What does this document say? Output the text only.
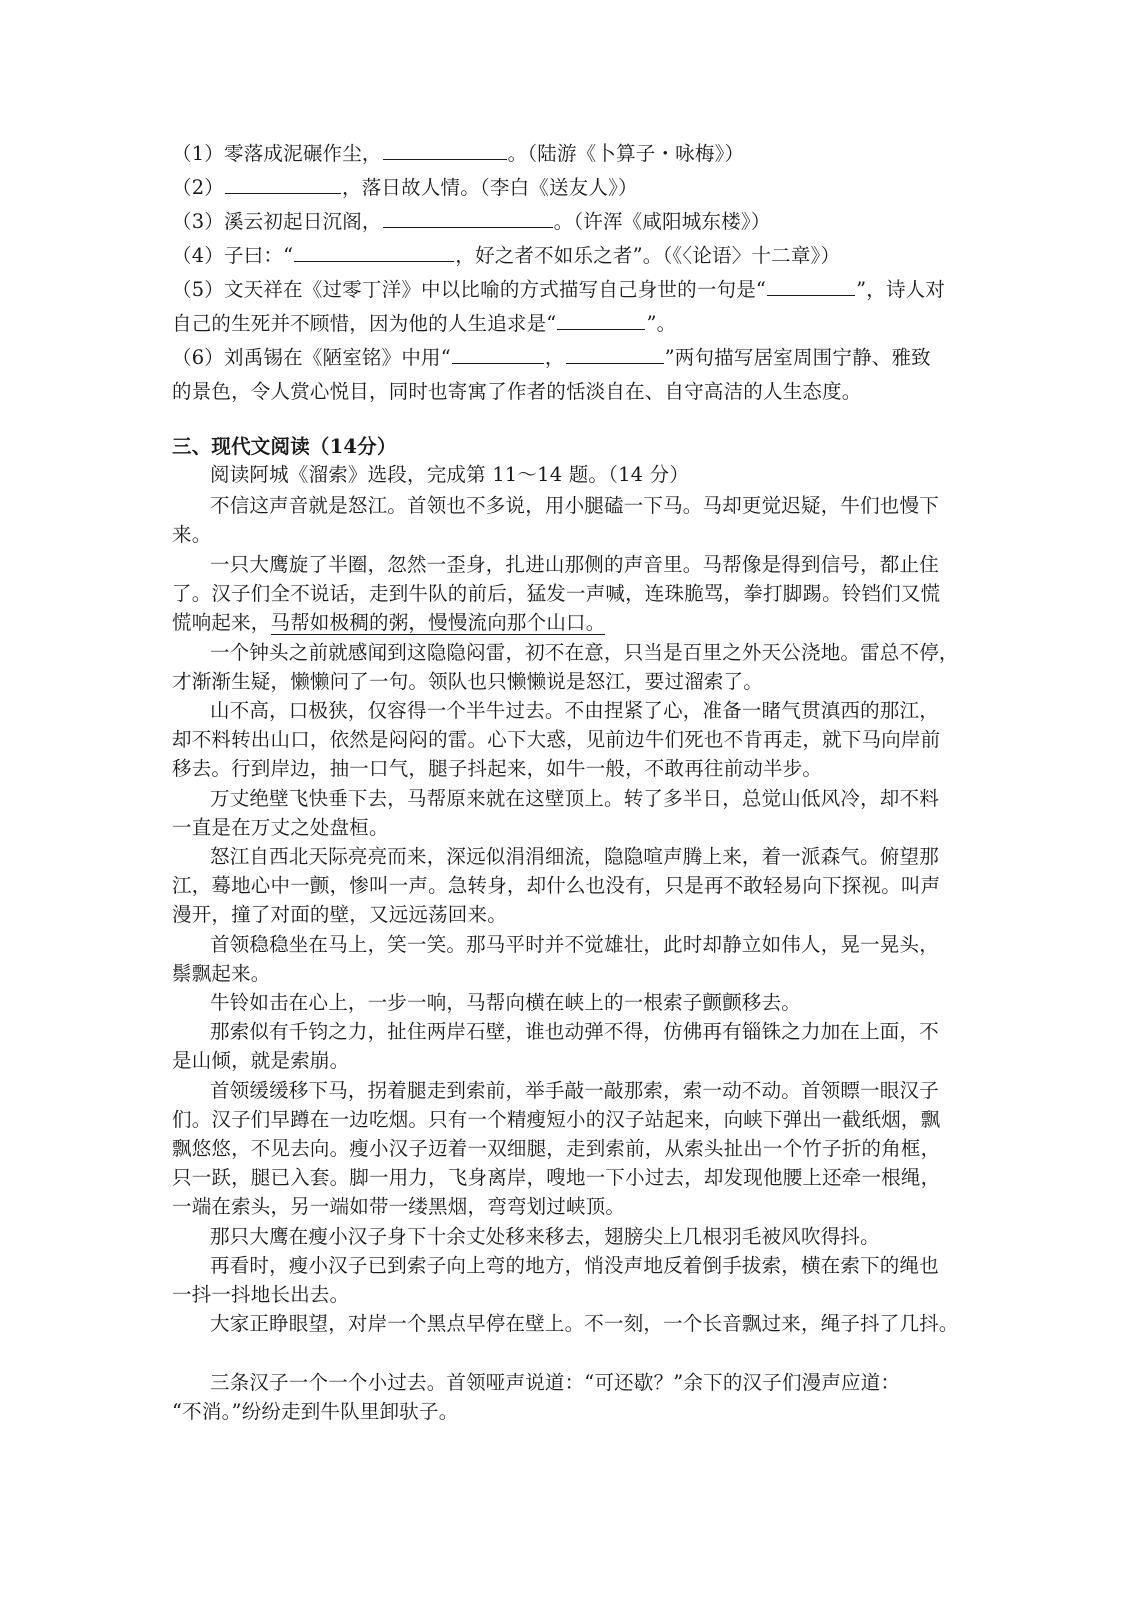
（1）零落成泥碾作尘，	。（陆游《卜算子・咏梅》）
（2）	，落日故人情。（李白《送友人》）
（3）溪云初起日沉阁，	。（许浑《咸阳城东楼》）
（4）子曰：“	，好之者不如乐之者”。（《〈论语〉十二章》）
（5）文天祥在《过零丁洋》中以比喻的方式描写自己身世的一句是“	”，诗人对
自己的生死并不顾惜，因为他的人生追求是“	”。
（6）刘禹锡在《陋室铭》中用“	，	”两句描写居室周围宁静、雅致
的景色，令人赏心悦目，同时也寄寓了作者的恬淡自在、自守高洁的人生态度。
三、现代文阅读（14分）
阅读阿城《溜索》选段，完成第 11～14 题。（14 分）
不信这声音就是怒江。首领也不多说，用小腿磕一下马。马却更觉迟疑，牛们也慢下
来。
一只大鹰旋了半圈，忽然一歪身，扎进山那侧的声音里。马帮像是得到信号，都止住
了。汉子们全不说话，走到牛队的前后，猛发一声喊，连珠脆骂，拳打脚踢。铃铛们又慌
慌响起来，马帮如极稠的粥，慢慢流向那个山口。
一个钟头之前就感闻到这隐隐闷雷，初不在意，只当是百里之外天公浇地。雷总不停，
才渐渐生疑，懒懒问了一句。领队也只懒懒说是怒江，要过溜索了。
山不高，口极狭，仅容得一个半牛过去。不由捏紧了心，准备一睹气贯滇西的那江，
却不料转出山口，依然是闷闷的雷。心下大惑，见前边牛们死也不肯再走，就下马向岸前
移去。行到岸边，抽一口气，腿子抖起来，如牛一般，不敢再往前动半步。
万丈绝壁飞快垂下去，马帮原来就在这壁顶上。转了多半日，总觉山低风冷，却不料
一直是在万丈之处盘桓。
怒江自西北天际亮亮而来，深远似涓涓细流，隐隐喧声腾上来，着一派森气。俯望那
江，蓦地心中一颤，惨叫一声。急转身，却什么也没有，只是再不敢轻易向下探视。叫声
漫开，撞了对面的壁，又远远荡回来。
首领稳稳坐在马上，笑一笑。那马平时并不觉雄壮，此时却静立如伟人，晃一晃头，
鬃飘起来。
牛铃如击在心上，一步一响，马帮向横在峡上的一根索子颤颤移去。
那索似有千钧之力，扯住两岸石壁，谁也动弹不得，仿佛再有锱铢之力加在上面，不
是山倾，就是索崩。
首领缓缓移下马，拐着腿走到索前，举手敲一敲那索，索一动不动。首领瞟一眼汉子
们。汉子们早蹲在一边吃烟。只有一个精瘦短小的汉子站起来，向峡下弹出一截纸烟，飘
飘悠悠，不见去向。瘦小汉子迈着一双细腿，走到索前，从索头扯出一个竹子折的角框，
只一跃，腿已入套。脚一用力，飞身离岸，嗖地一下小过去，却发现他腰上还牵一根绳，
一端在索头，另一端如带一缕黑烟，弯弯划过峡顶。
那只大鹰在瘦小汉子身下十余丈处移来移去，翅膀尖上几根羽毛被风吹得抖。
再看时，瘦小汉子已到索子向上弯的地方，悄没声地反着倒手拔索，横在索下的绳也
一抖一抖地长出去。
大家正睁眼望，对岸一个黑点早停在壁上。不一刻，一个长音飘过来，绳子抖了几抖。
三条汉子一个一个小过去。首领哑声说道：“可还歇？”余下的汉子们漫声应道：
“不消。”纷纷走到牛队里卸驮子。
